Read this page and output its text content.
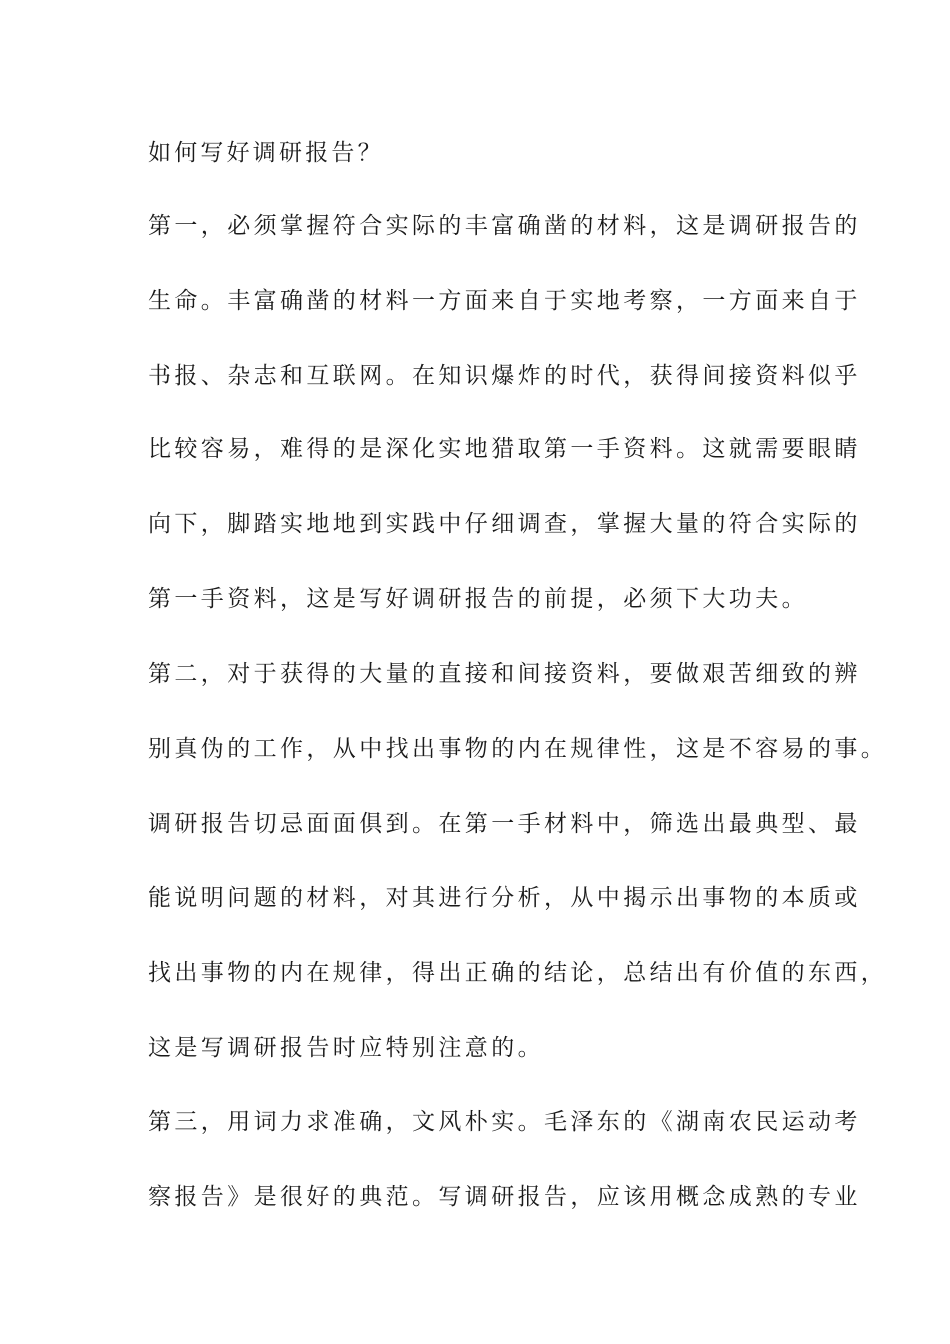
如何写好调研报告？

第一，必须掌握符合实际的丰富确凿的材料，这是调研报告的

生命。丰富确凿的材料一方面来自于实地考察，一方面来自于

书报、杂志和互联网。在知识爆炸的时代，获得间接资料似乎

比较容易，难得的是深化实地猎取第一手资料。这就需要眼睛

向下，脚踏实地地到实践中仔细调查，掌握大量的符合实际的

第一手资料，这是写好调研报告的前提，必须下大功夫。

第二，对于获得的大量的直接和间接资料，要做艰苦细致的辨

别真伪的工作，从中找出事物的内在规律性，这是不容易的事。

调研报告切忌面面俱到。在第一手材料中，筛选出最典型、最

能说明问题的材料，对其进行分析，从中揭示出事物的本质或

找出事物的内在规律，得出正确的结论，总结出有价值的东西，

这是写调研报告时应特别注意的。

第三，用词力求准确，文风朴实。毛泽东的《湖南农民运动考

察报告》是很好的典范。写调研报告，应该用概念成熟的专业
